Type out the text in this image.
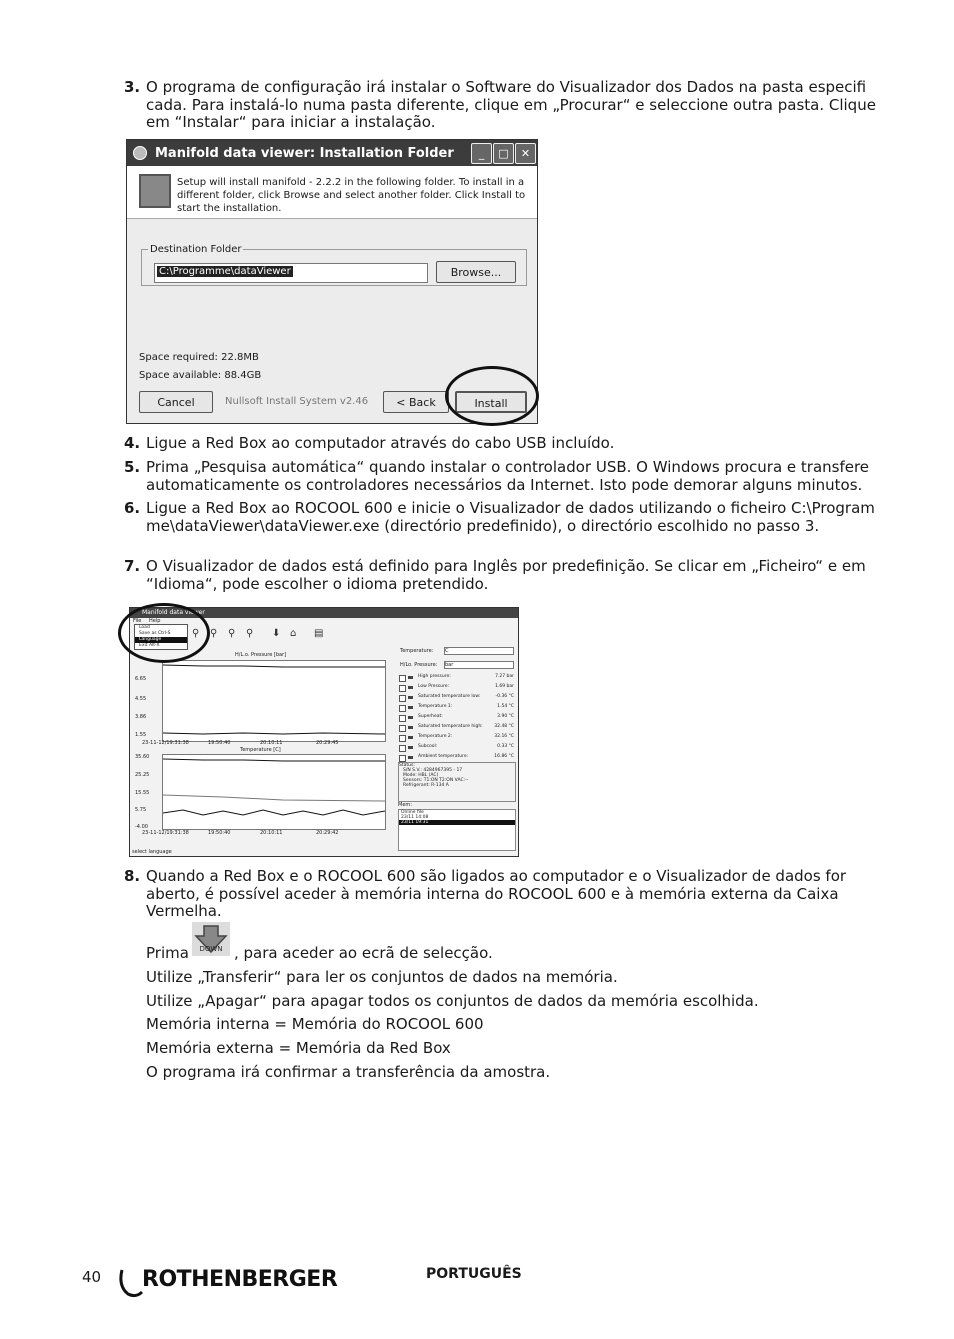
3. O programa de configuração irá instalar o Software do Visualizador dos Dados na pasta especifi cada. Para instalá-lo numa pasta diferente, clique em „Procurar“ e seleccione outra pasta. Clique em “Instalar“ para iniciar a instalação.
Manifold data viewer: Installation Folder	_	□	✕
Setup will install manifold - 2.2.2 in the following folder. To install in a different folder, click Browse and select another folder. Click Install to start the installation.
Destination Folder
C:\Programme\dataViewer	Browse...
Space required: 22.8MB
Space available: 88.4GB
Cancel	Nullsoft Install System v2.46	< Back	Install
4. Ligue a Red Box ao computador através do cabo USB incluído.
5. Prima „Pesquisa automática“ quando instalar o controlador USB. O Windows procura e transfere automaticamente os controladores necessários da Internet. Isto pode demorar alguns minutos.
6. Ligue a Red Box ao ROCOOL 600 e inicie o Visualizador de dados utilizando o ficheiro C:\Program me\dataViewer\dataViewer.exe (directório predefinido), o directório escolhido no passo 3.
7. O Visualizador de dados está definido para Inglês por predefinição. Se clicar em „Ficheiro“ e em “Idioma“, pode escolher o idioma pretendido.
Manifold data viewer
File Help
Load
Save as Ctrl-S
Language
Exit Alt-X
⚲ ⚲ ⚲ ⚲ ⬇ ⌂ ▤
H/L.o. Pressure [bar]
6.65
4.55
3.86
1.55
23-11-12/19:31:38	19:50:40	20:10:11	20:29:45
Temperature [C]
35.60
25.25
15.55
5.75
-4.00
23-11-12/19:31:38	19:50:40	20:10:11	20:29:42
Temperature: C
H/Lo. Pressure: bar
High pressure:	7.27 bar
Low Pressure:	1.69 bar
Saturated temperature low:	-0.36 °C
Temperature 1:	1.54 °C
Superheat:	3.90 °C
Saturated temperature high:	32.48 °C
Temperature 2:	32.16 °C
Subcool:	0.33 °C
Ambient temperature:	16.86 °C
Status:
S/N S.V.: 4284967395 - 17
Mode: HBL (AC)
Sensors: T1:ON T2:ON VAC:--
Refrigerant: R-134 A
Mem:
Online file
23/11 14:08
23/11 19:31
select language
8. Quando a Red Box e o ROCOOL 600 são ligados ao computador e o Visualizador de dados for aberto, é possível aceder à memória interna do ROCOOL 600 e à memória externa da Caixa Vermelha.
Prima DOWN , para aceder ao ecrã de selecção.
Utilize „Transferir“ para ler os conjuntos de dados na memória.
Utilize „Apagar“ para apagar todos os conjuntos de dados da memória escolhida.
Memória interna = Memória do ROCOOL 600
Memória externa = Memória da Red Box
O programa irá confirmar a transferência da amostra.
40 ROTHENBERGER	PORTUGUÊS
